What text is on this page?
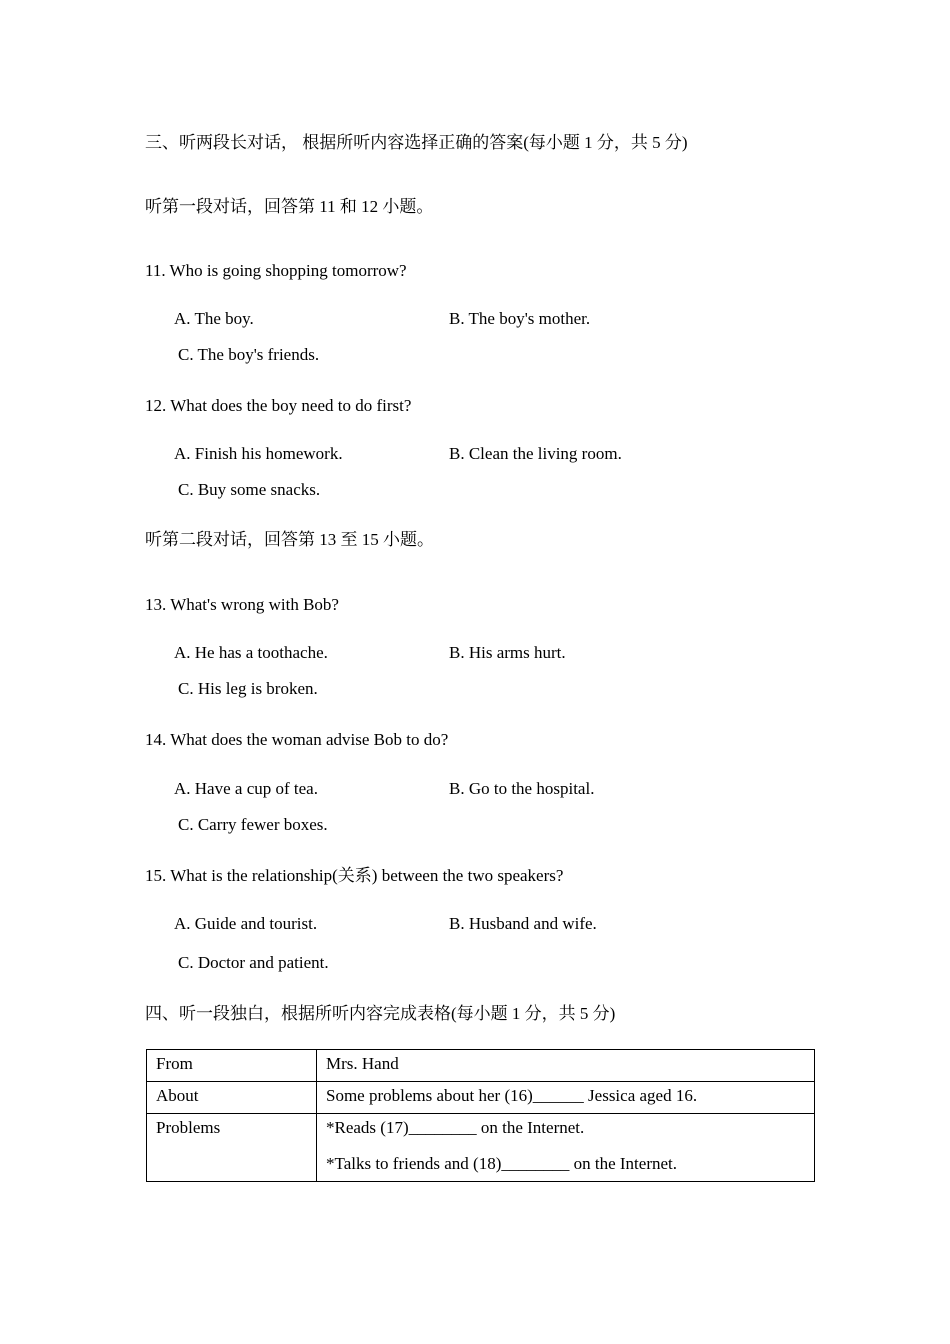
三、听两段长对话， 根据所听内容选择正确的答案(每小题 1 分，共 5 分)
听第一段对话，回答第 11 和 12 小题。
11. Who is going shopping tomorrow?
A. The boy.	B. The boy's mother.
C. The boy's friends.
12. What does the boy need to do first?
A. Finish his homework.	B. Clean the living room.
C. Buy some snacks.
听第二段对话，回答第 13 至 15 小题。
13. What's wrong with Bob?
A. He has a toothache.	B. His arms hurt.
C. His leg is broken.
14. What does the woman advise Bob to do?
A. Have a cup of tea.	B. Go to the hospital.
C. Carry fewer boxes.
15. What is the relationship(关系) between the two speakers?
A. Guide and tourist.	B. Husband and wife.
C. Doctor and patient.
四、听一段独白，根据所听内容完成表格(每小题 1 分，共 5 分)
From	Mrs. Hand

About	Some problems about her (16)______ Jessica aged 16.

Problems	*Reads (17)________ on the Internet.
*Talks to friends and (18)________ on the Internet.
